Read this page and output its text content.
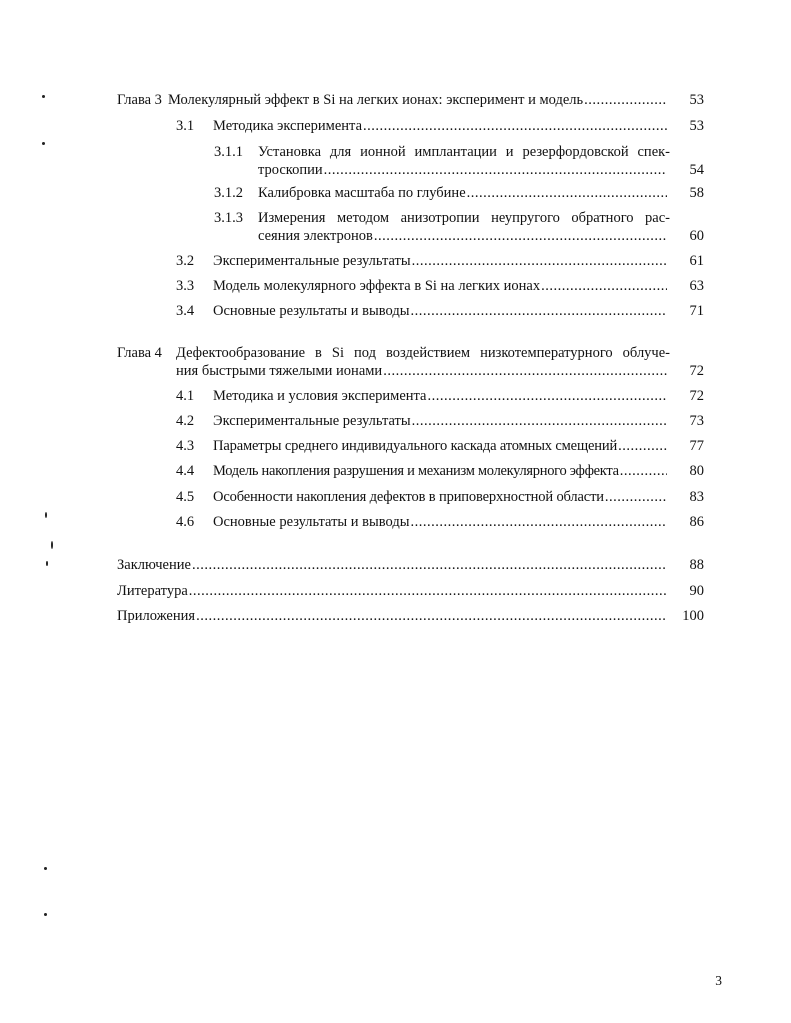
Глава 3 Молекулярный эффект в Si на легких ионах: эксперимент и модель .....	53
3.1	Методика эксперимента .....	53
3.1.1 Установка для ионной имплантации и резерфордовской спек-
троскопии .....	54
3.1.2	Калибровка масштаба по глубине .....	58
3.1.3 Измерения методом анизотропии неупругого обратного рас-
сеяния электронов .....	60
3.2	Экспериментальные результаты .....	61
3.3	Модель молекулярного эффекта в Si на легких ионах .....	63
3.4	Основные результаты и выводы .....	71
Глава 4 Дефектообразование в Si под воздействием низкотемпературного облуче-
ния быстрыми тяжелыми ионами .....	72
4.1	Методика и условия эксперимента .....	72
4.2	Экспериментальные результаты .....	73
4.3	Параметры среднего индивидуального каскада атомных смещений .....	77
4.4	Модель накопления разрушения и механизм молекулярного эффекта .....	80
4.5	Особенности накопления дефектов в приповерхностной области .....	83
4.6	Основные результаты и выводы .....	86
Заключение .....	88
Литература .....	90
Приложения .....	100
3
